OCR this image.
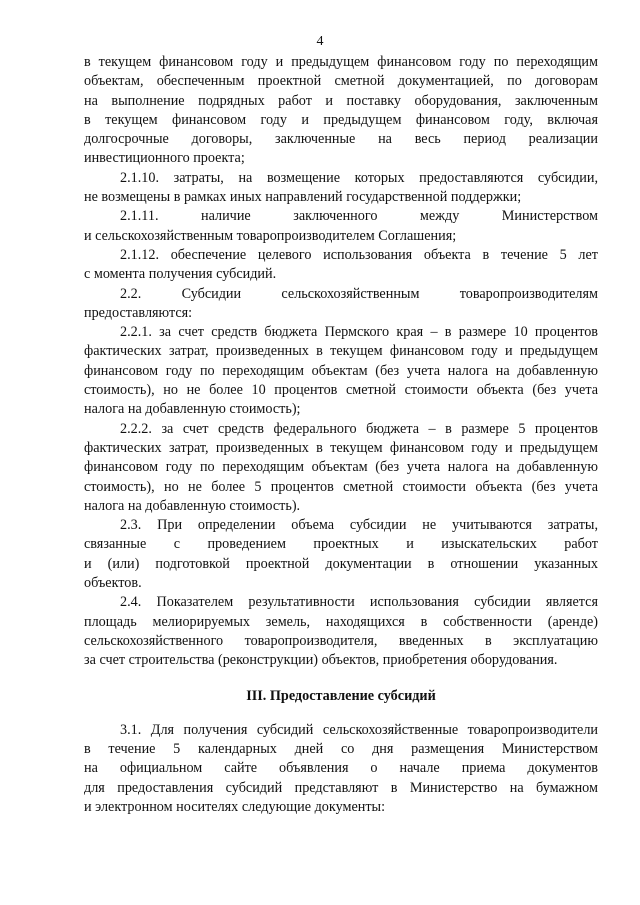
4
в текущем финансовом году и предыдущем финансовом году по переходящим
объектам, обеспеченным проектной сметной документацией, по договорам
на выполнение подрядных работ и поставку оборудования, заключенным
в текущем финансовом году и предыдущем финансовом году, включая
долгосрочные договоры, заключенные на весь период реализации
инвестиционного проекта;
2.1.10. затраты, на возмещение которых предоставляются субсидии,
не возмещены в рамках иных направлений государственной поддержки;
2.1.11. наличие заключенного между Министерством
и сельскохозяйственным товаропроизводителем Соглашения;
2.1.12. обеспечение целевого использования объекта в течение 5 лет
с момента получения субсидий.
2.2. Субсидии сельскохозяйственным товаропроизводителям
предоставляются:
2.2.1. за счет средств бюджета Пермского края – в размере 10 процентов
фактических затрат, произведенных в текущем финансовом году и предыдущем
финансовом году по переходящим объектам (без учета налога на добавленную
стоимость), но не более 10 процентов сметной стоимости объекта (без учета
налога на добавленную стоимость);
2.2.2. за счет средств федерального бюджета – в размере 5 процентов
фактических затрат, произведенных в текущем финансовом году и предыдущем
финансовом году по переходящим объектам (без учета налога на добавленную
стоимость), но не более 5 процентов сметной стоимости объекта (без учета
налога на добавленную стоимость).
2.3. При определении объема субсидии не учитываются затраты,
связанные с проведением проектных и изыскательских работ
и (или) подготовкой проектной документации в отношении указанных
объектов.
2.4. Показателем результативности использования субсидии является
площадь мелиорируемых земель, находящихся в собственности (аренде)
сельскохозяйственного товаропроизводителя, введенных в эксплуатацию
за счет строительства (реконструкции) объектов, приобретения оборудования.
III. Предоставление субсидий
3.1. Для получения субсидий сельскохозяйственные товаропроизводители
в течение 5 календарных дней со дня размещения Министерством
на официальном сайте объявления о начале приема документов
для предоставления субсидий представляют в Министерство на бумажном
и электронном носителях следующие документы:
